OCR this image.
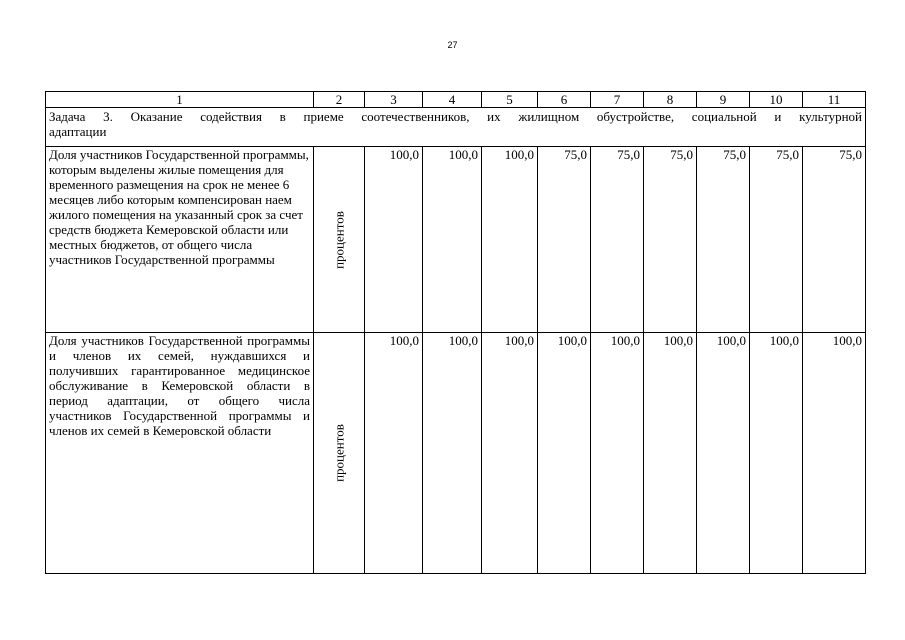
27
1	2	3	4	5	6	7	8	9	10	11

Задача 3. Оказание содействия в приеме соотечественников, их жилищном обустройстве, социальной и культурной
адаптации										

Доля участников Государственной программы, которым выделены жилые помещения для временного размещения на срок не менее 6 месяцев либо которым компенсирован наем жилого помещения на указанный срок за счет средств бюджета Кемеровской области или местных бюджетов, от общего числа участников Государственной программы	процентов	100,0	100,0	100,0	75,0	75,0	75,0	75,0	75,0	75,0
Доля участников Государственной программы и членов их семей, нуждавшихся и получивших гарантированное медицинское обслуживание в Кемеровской области в период адаптации, от общего числа участников Государственной программы и членов их семей в Кемеровской области	процентов	100,0	100,0	100,0	100,0	100,0	100,0	100,0	100,0	100,0
